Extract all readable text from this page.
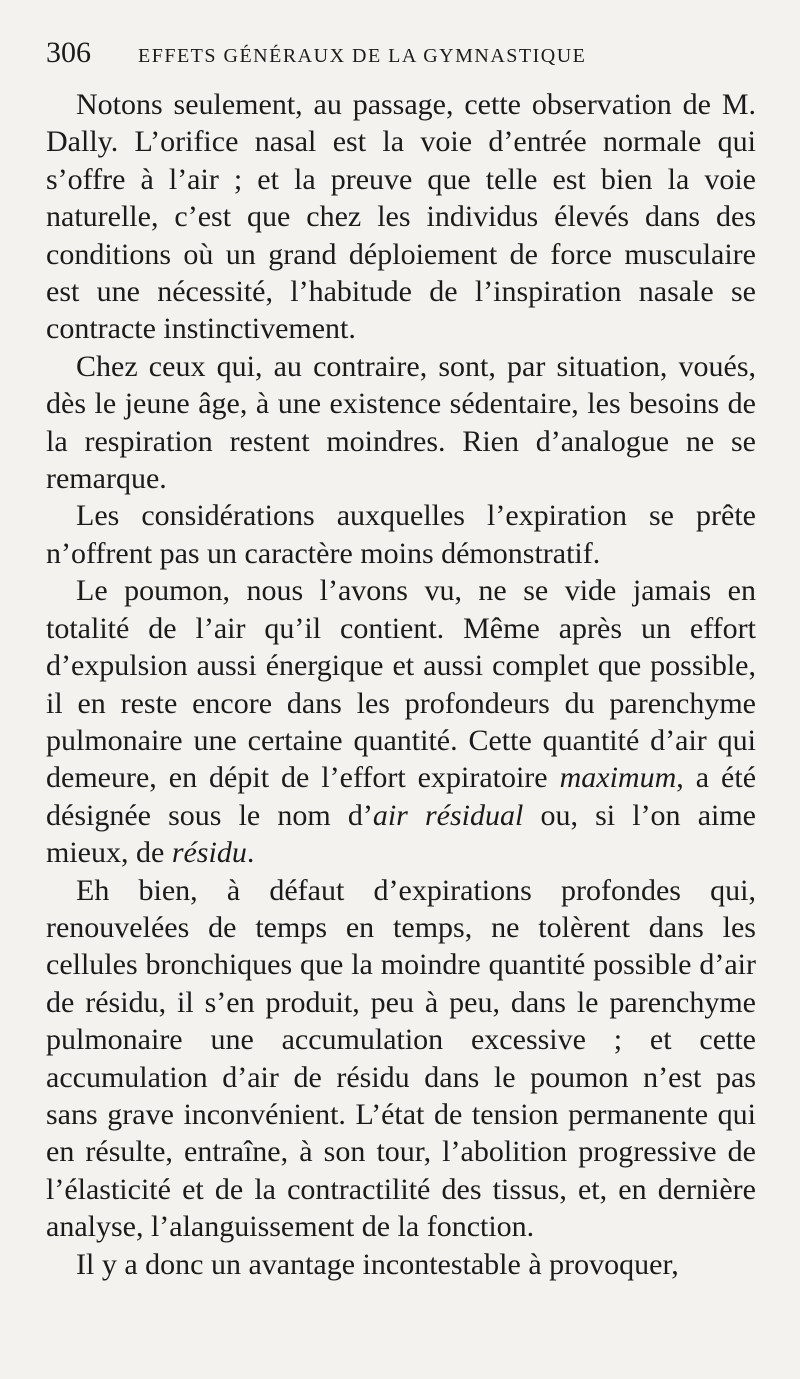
306	EFFETS GÉNÉRAUX DE LA GYMNASTIQUE

Notons seulement, au passage, cette observation de M. Dally. L’orifice nasal est la voie d’entrée normale qui s’offre à l’air ; et la preuve que telle est bien la voie naturelle, c’est que chez les individus élevés dans des conditions où un grand déploiement de force musculaire est une nécessité, l’habitude de l’inspiration nasale se contracte instinctivement.

Chez ceux qui, au contraire, sont, par situation, voués, dès le jeune âge, à une existence sédentaire, les besoins de la respiration restent moindres. Rien d’analogue ne se remarque.

Les considérations auxquelles l’expiration se prête n’offrent pas un caractère moins démonstratif.

Le poumon, nous l’avons vu, ne se vide jamais en totalité de l’air qu’il contient. Même après un effort d’expulsion aussi énergique et aussi complet que possible, il en reste encore dans les profondeurs du parenchyme pulmonaire une certaine quantité. Cette quantité d’air qui demeure, en dépit de l’effort expiratoire maximum, a été désignée sous le nom d’air résidual ou, si l’on aime mieux, de résidu.

Eh bien, à défaut d’expirations profondes qui, renouvelées de temps en temps, ne tolèrent dans les cellules bronchiques que la moindre quantité possible d’air de résidu, il s’en produit, peu à peu, dans le parenchyme pulmonaire une accumulation excessive ; et cette accumulation d’air de résidu dans le poumon n’est pas sans grave inconvénient. L’état de tension permanente qui en résulte, entraîne, à son tour, l’abolition progressive de l’élasticité et de la contractilité des tissus, et, en dernière analyse, l’alanguissement de la fonction.

Il y a donc un avantage incontestable à provoquer,
